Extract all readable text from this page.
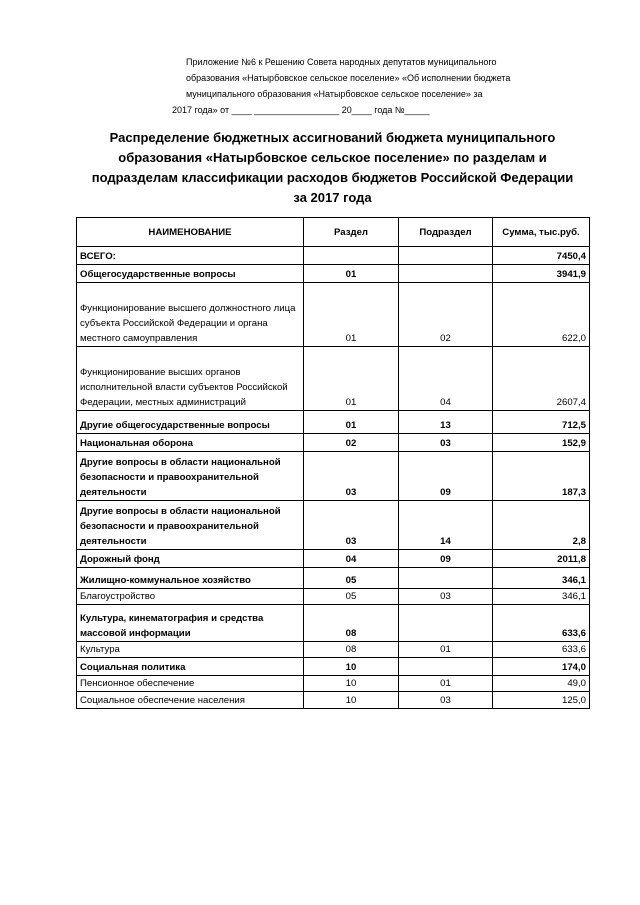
Приложение №6 к Решению Совета народных депутатов муниципального
образования «Натырбовское сельское поселение» «Об исполнении бюджета
муниципального образования «Натырбовское сельское поселение» за
2017 года» от ____ _________________ 20____ года №_____
Распределение бюджетных ассигнований бюджета муниципального
образования «Натырбовское сельское поселение» по разделам и
подразделам классификации расходов бюджетов Российской Федерации
за 2017 года
НАИМЕНОВАНИЕ	Раздел	Подраздел	Сумма, тыс.руб.
ВСЕГО:			7450,4
Общегосударственные вопросы	01		3941,9
Функционирование высшего должностного лица субъекта Российской Федерации и органа местного самоуправления	01	02	622,0
Функционирование высших органов исполнительной власти субъектов Российской Федерации, местных администраций	01	04	2607,4
Другие общегосударственные вопросы	01	13	712,5
Национальная оборона	02	03	152,9
Другие вопросы в области национальной безопасности и правоохранительной деятельности	03	09	187,3
Другие вопросы в области национальной безопасности и правоохранительной деятельности	03	14	2,8
Дорожный фонд	04	09	2011,8
Жилищно-коммунальное хозяйство	05		346,1
Благоустройство	05	03	346,1
Культура, кинематография и средства массовой информации	08		633,6
Культура	08	01	633,6
Социальная политика	10		174,0
Пенсионное обеспечение	10	01	49,0
Социальное обеспечение населения	10	03	125,0
